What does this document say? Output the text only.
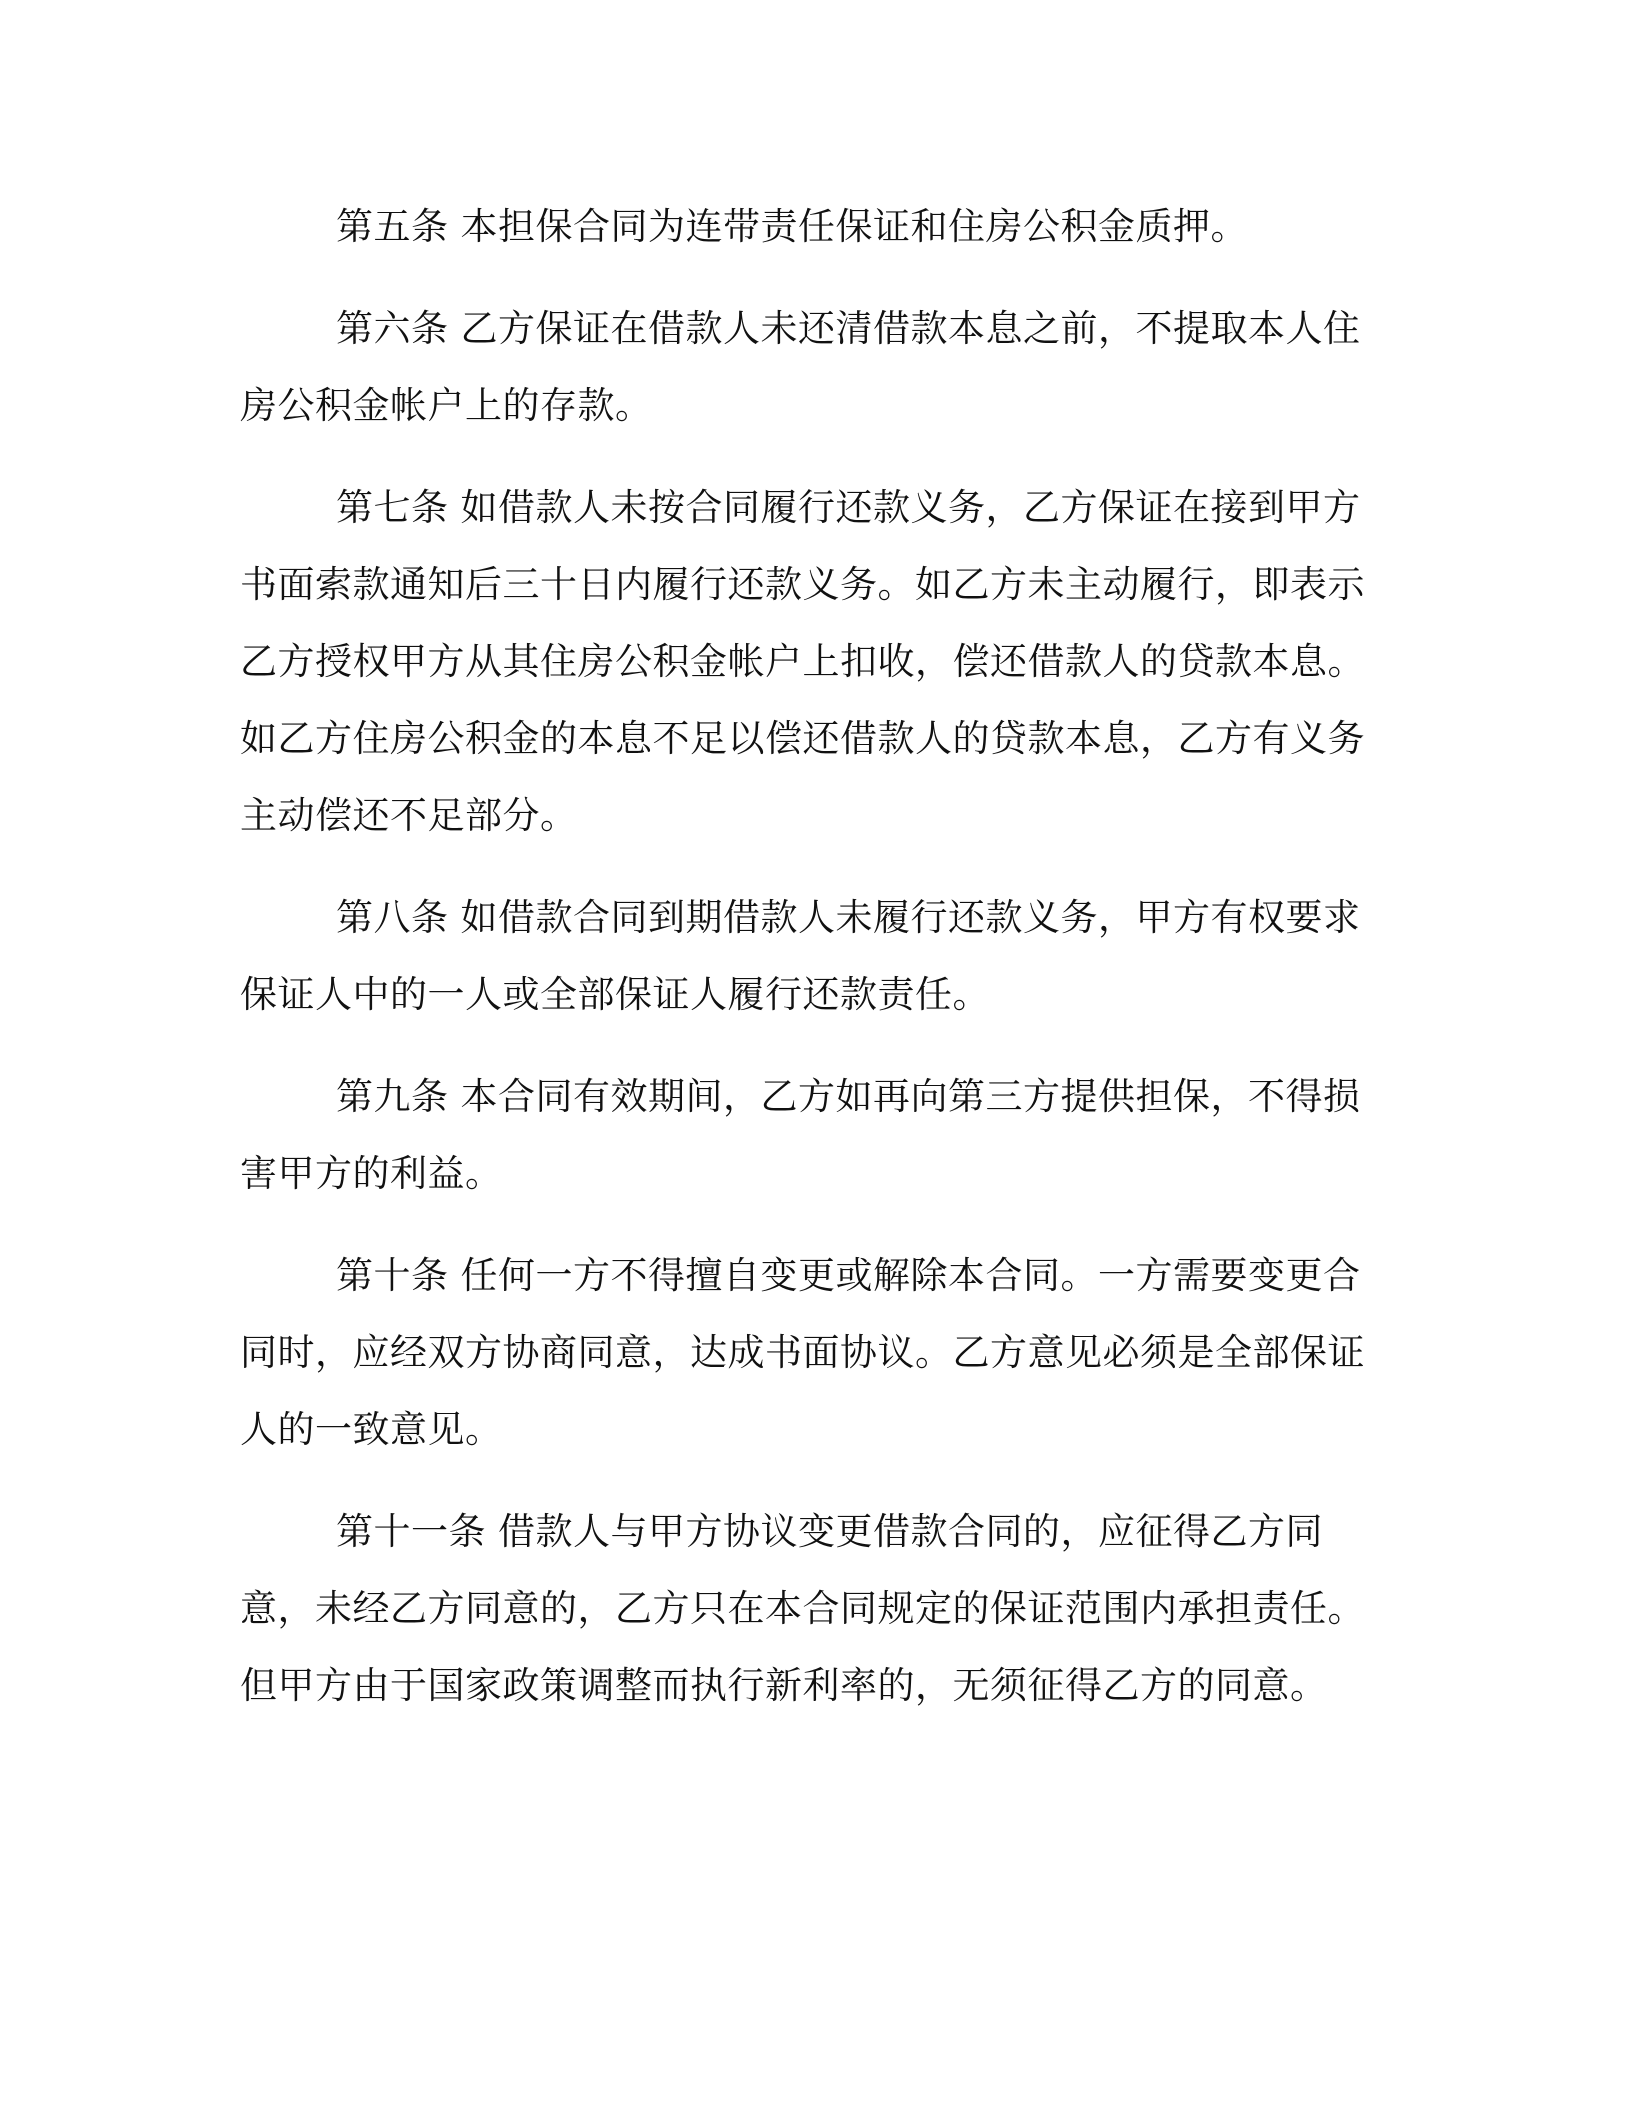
第五条 本担保合同为连带责任保证和住房公积金质押。

第六条 乙方保证在借款人未还清借款本息之前，不提取本人住房公积金帐户上的存款。

第七条 如借款人未按合同履行还款义务，乙方保证在接到甲方书面索款通知后三十日内履行还款义务。如乙方未主动履行，即表示乙方授权甲方从其住房公积金帐户上扣收，偿还借款人的贷款本息。如乙方住房公积金的本息不足以偿还借款人的贷款本息，乙方有义务主动偿还不足部分。

第八条 如借款合同到期借款人未履行还款义务，甲方有权要求保证人中的一人或全部保证人履行还款责任。

第九条 本合同有效期间，乙方如再向第三方提供担保，不得损害甲方的利益。

第十条 任何一方不得擅自变更或解除本合同。一方需要变更合同时，应经双方协商同意，达成书面协议。乙方意见必须是全部保证人的一致意见。

第十一条 借款人与甲方协议变更借款合同的，应征得乙方同意，未经乙方同意的，乙方只在本合同规定的保证范围内承担责任。但甲方由于国家政策调整而执行新利率的，无须征得乙方的同意。
